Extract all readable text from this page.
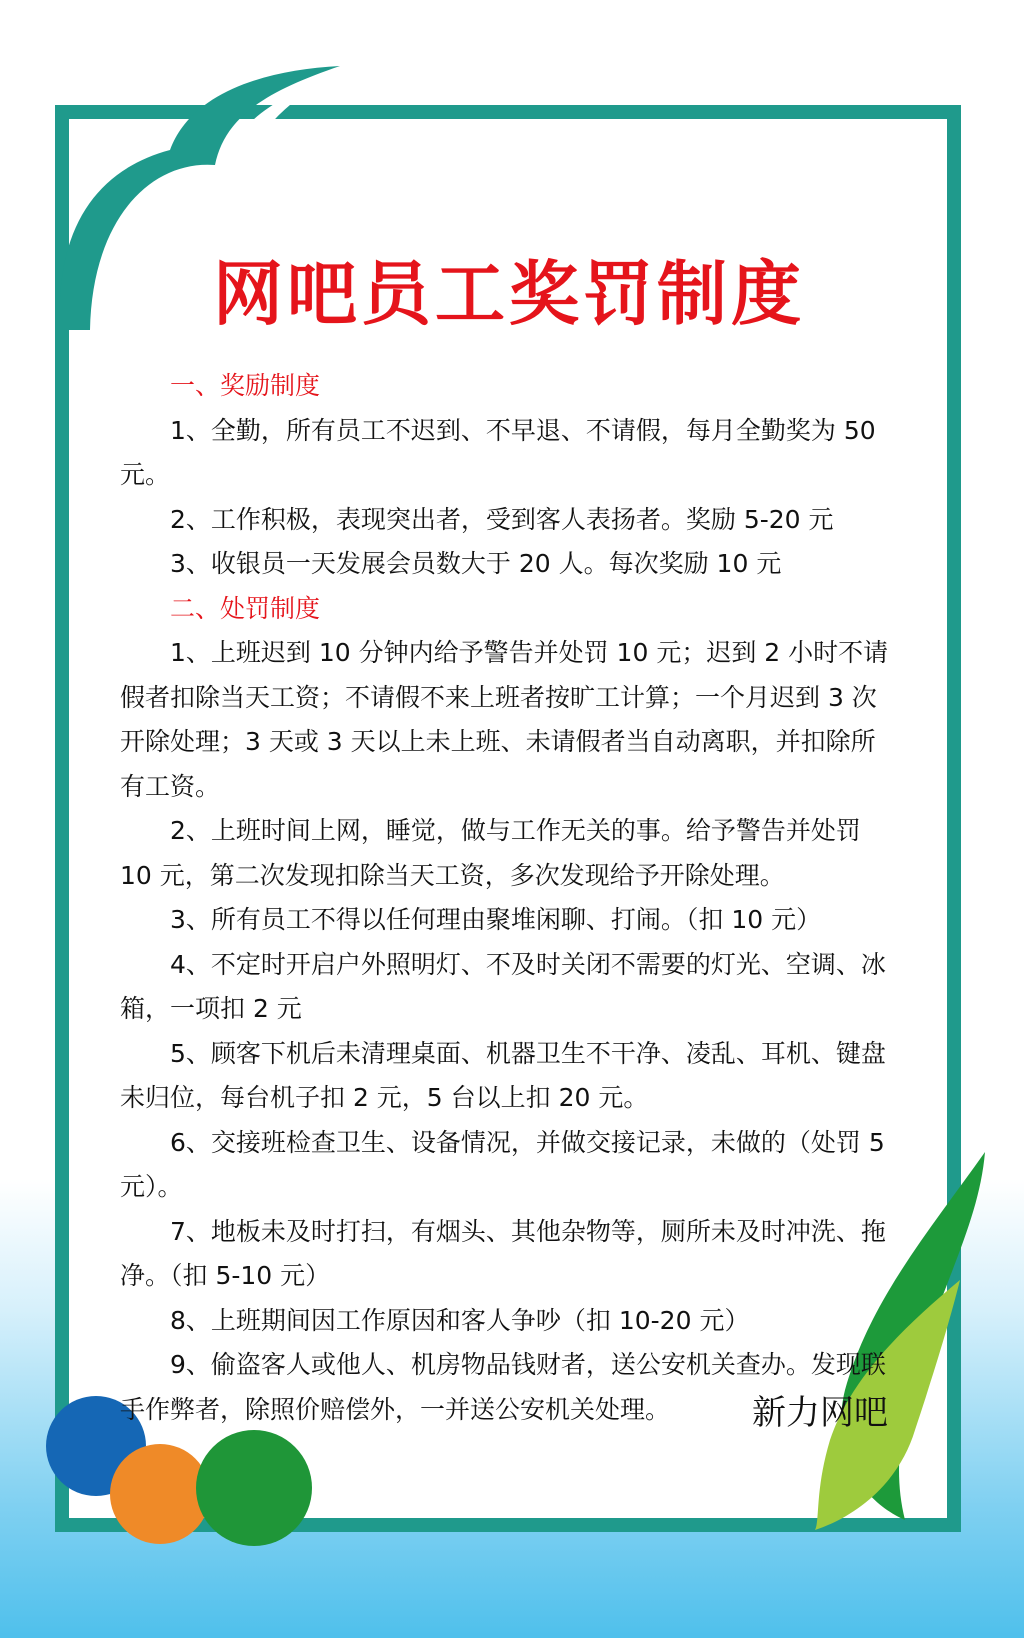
网吧员工奖罚制度

一、奖励制度

1、全勤，所有员工不迟到、不早退、不请假，每月全勤奖为 50 元。

2、工作积极，表现突出者，受到客人表扬者。奖励 5-20 元

3、收银员一天发展会员数大于 20 人。每次奖励 10 元

二、处罚制度

1、上班迟到 10 分钟内给予警告并处罚 10 元；迟到 2 小时不请假者扣除当天工资；不请假不来上班者按旷工计算；一个月迟到 3 次开除处理；3 天或 3 天以上未上班、未请假者当自动离职，并扣除所有工资。

2、上班时间上网，睡觉，做与工作无关的事。给予警告并处罚 10 元，第二次发现扣除当天工资，多次发现给予开除处理。

3、所有员工不得以任何理由聚堆闲聊、打闹。（扣 10 元）

4、不定时开启户外照明灯、不及时关闭不需要的灯光、空调、冰箱，一项扣 2 元

5、顾客下机后未清理桌面、机器卫生不干净、凌乱、耳机、键盘未归位，每台机子扣 2 元，5 台以上扣 20 元。

6、交接班检查卫生、设备情况，并做交接记录，未做的（处罚 5 元）。

7、地板未及时打扫，有烟头、其他杂物等，厕所未及时冲洗、拖净。（扣 5-10 元）

8、上班期间因工作原因和客人争吵（扣 10-20 元）

9、偷盗客人或他人、机房物品钱财者，送公安机关查办。发现联手作弊者，除照价赔偿外，一并送公安机关处理。	新力网吧
